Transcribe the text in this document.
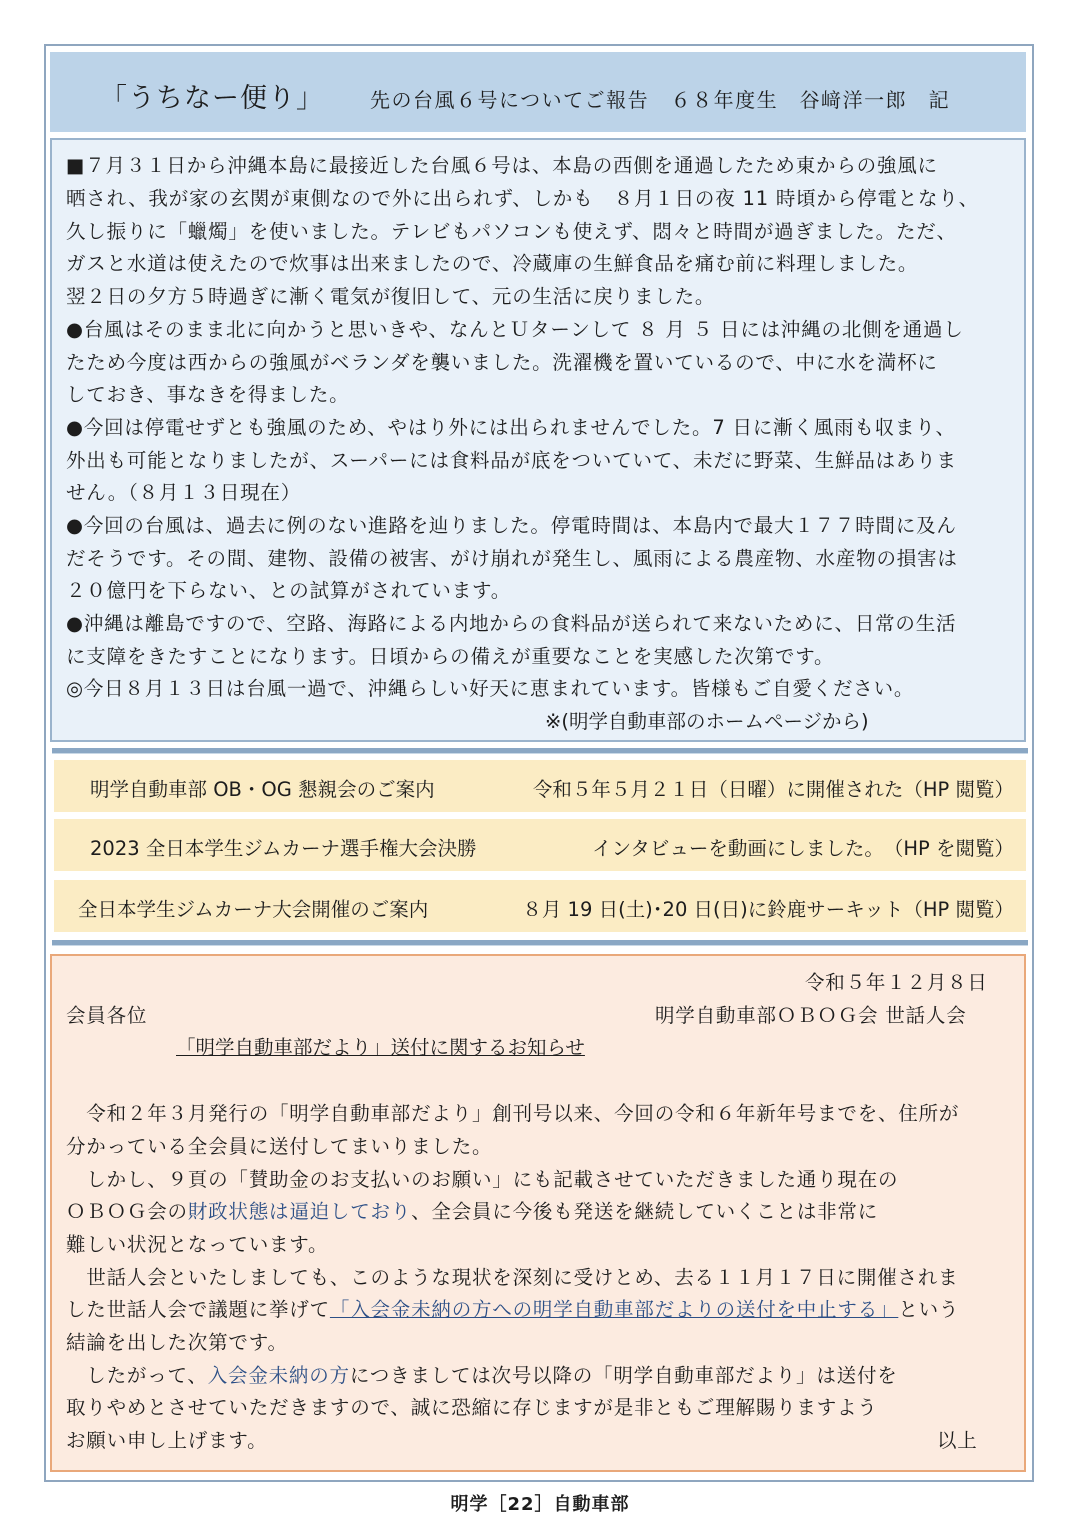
「うちなー便り」 先の台風６号についてご報告　６８年度生　谷﨑洋一郎　記
■７月３１日から沖縄本島に最接近した台風６号は、本島の西側を通過したため東からの強風に
晒され、我が家の玄関が東側なので外に出られず、しかも　８月１日の夜 11 時頃から停電となり、
久し振りに「蠟燭」を使いました。テレビもパソコンも使えず、悶々と時間が過ぎました。ただ、
ガスと水道は使えたので炊事は出来ましたので、冷蔵庫の生鮮食品を痛む前に料理しました。
翌２日の夕方５時過ぎに漸く電気が復旧して、元の生活に戻りました。
●台風はそのまま北に向かうと思いきや、なんとＵターンして ８ 月 ５ 日には沖縄の北側を通過し
たため今度は西からの強風がベランダを襲いました。洗濯機を置いているので、中に水を満杯に
しておき、事なきを得ました。
●今回は停電せずとも強風のため、やはり外には出られませんでした。7 日に漸く風雨も収まり、
外出も可能となりましたが、スーパーには食料品が底をついていて、未だに野菜、生鮮品はありま
せん。（８月１３日現在）
●今回の台風は、過去に例のない進路を辿りました。停電時間は、本島内で最大１７７時間に及ん
だそうです。その間、建物、設備の被害、がけ崩れが発生し、風雨による農産物、水産物の損害は
２０億円を下らない、との試算がされています。
●沖縄は離島ですので、空路、海路による内地からの食料品が送られて来ないために、日常の生活
に支障をきたすことになります。日頃からの備えが重要なことを実感した次第です。
◎今日８月１３日は台風一過で、沖縄らしい好天に恵まれています。皆様もご自愛ください。
※(明学自動車部のホームページから)
明学自動車部 OB・OG 懇親会のご案内	令和５年５月２１日（日曜）に開催された（HP 閲覧）
2023 全日本学生ジムカーナ選手権大会決勝	インタビューを動画にしました。　（HP を閲覧）
全日本学生ジムカーナ大会開催のご案内	８月 19 日(土)･20 日(日)に鈴鹿サーキット（HP 閲覧）
令和５年１２月８日
会員各位	明学自動車部ＯＢＯＧ会 世話人会
「明学自動車部だより」送付に関するお知らせ
　令和２年３月発行の「明学自動車部だより」創刊号以来、今回の令和６年新年号までを、住所が
分かっている全会員に送付してまいりました。
　しかし、９頁の「賛助金のお支払いのお願い」にも記載させていただきました通り現在の
ＯＢＯＧ会の財政状態は逼迫しており、全会員に今後も発送を継続していくことは非常に
難しい状況となっています。
　世話人会といたしましても、このような現状を深刻に受けとめ、去る１１月１７日に開催されま
した世話人会で議題に挙げて「入会金未納の方への明学自動車部だよりの送付を中止する」という
結論を出した次第です。
　したがって、入会金未納の方につきましては次号以降の「明学自動車部だより」は送付を
取りやめとさせていただきますので、誠に恐縮に存じますが是非ともご理解賜りますよう
お願い申し上げます。	以上
明学［22］自動車部
